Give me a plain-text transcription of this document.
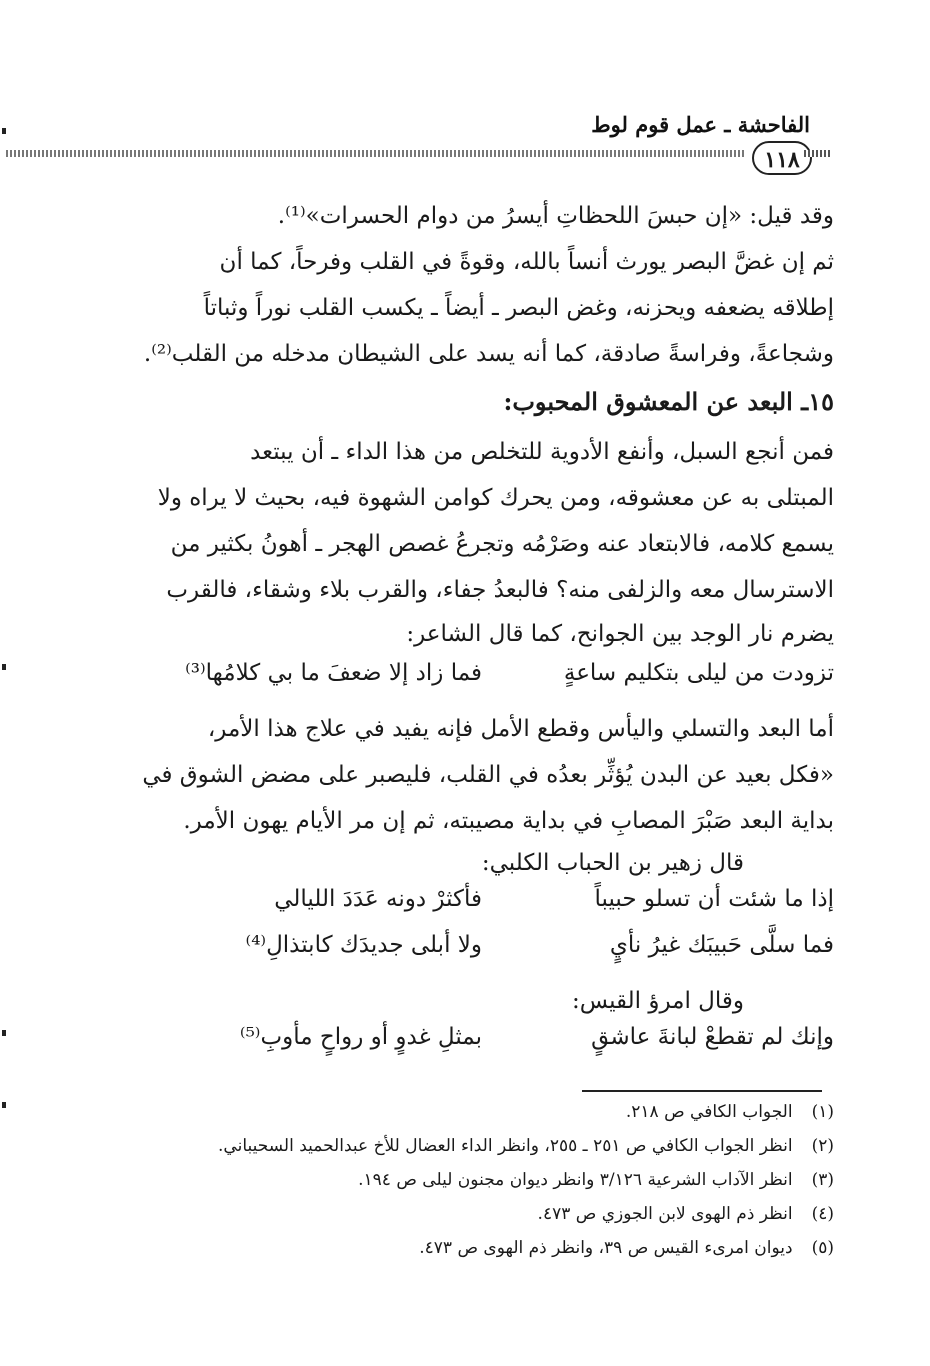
الفاحشة ـ عمل قوم لوط
١١٨
وقد قيل: «إن حبسَ اللحظاتِ أيسرُ من دوام الحسرات»⁽¹⁾.
ثم إن غضَّ البصر يورث أنساً بالله، وقوةً في القلب وفرحاً، كما أن
إطلاقه يضعفه ويحزنه، وغض البصر ـ أيضاً ـ يكسب القلب نوراً وثباتاً
وشجاعةً، وفراسةً صادقة، كما أنه يسد على الشيطان مدخله من القلب⁽²⁾.
١٥ـ البعد عن المعشوق المحبوب:
فمن أنجع السبل، وأنفع الأدوية للتخلص من هذا الداء ـ أن يبتعد
المبتلى به عن معشوقه، ومن يحرك كوامن الشهوة فيه، بحيث لا يراه ولا
يسمع كلامه، فالابتعاد عنه وصَرْمُه وتجرعُ غصص الهجر ـ أهونُ بكثير من
الاسترسال معه والزلفى منه؟ فالبعدُ جفاء، والقرب بلاء وشقاء، فالقرب
يضرم نار الوجد بين الجوانح، كما قال الشاعر:
تزودت من ليلى بتكليم ساعةٍ
فما زاد إلا ضعفَ ما بي كلامُها⁽³⁾
أما البعد والتسلي واليأس وقطع الأمل فإنه يفيد في علاج هذا الأمر،
«فكل بعيد عن البدن يُؤثِّر بعدُه في القلب، فليصبر على مضض الشوق في
بداية البعد صَبْرَ المصابِ في بداية مصيبته، ثم إن مر الأيام يهون الأمر.
قال زهير بن الحباب الكلبي:
إذا ما شئت أن تسلو حبيباً
فأكثرْ دونه عَدَدَ الليالي
فما سلَّى حَبيبَك غيرُ نأيٍ
ولا أبلى جديدَك كابتذالِ⁽⁴⁾
وقال امرؤ القيس:
وإنك لم تقطعْ لبانةَ عاشقٍ
بمثلِ غدوٍ أو رواحٍ مأوبِ⁽⁵⁾
(١) الجواب الكافي ص ٢١٨.
(٢) انظر الجواب الكافي ص ٢٥١ ـ ٢٥٥، وانظر الداء العضال للأخ عبدالحميد السحيباني.
(٣) انظر الآداب الشرعية ٣/١٢٦ وانظر ديوان مجنون ليلى ص ١٩٤.
(٤) انظر ذم الهوى لابن الجوزي ص ٤٧٣.
(٥) ديوان امرىء القيس ص ٣٩، وانظر ذم الهوى ص ٤٧٣.
